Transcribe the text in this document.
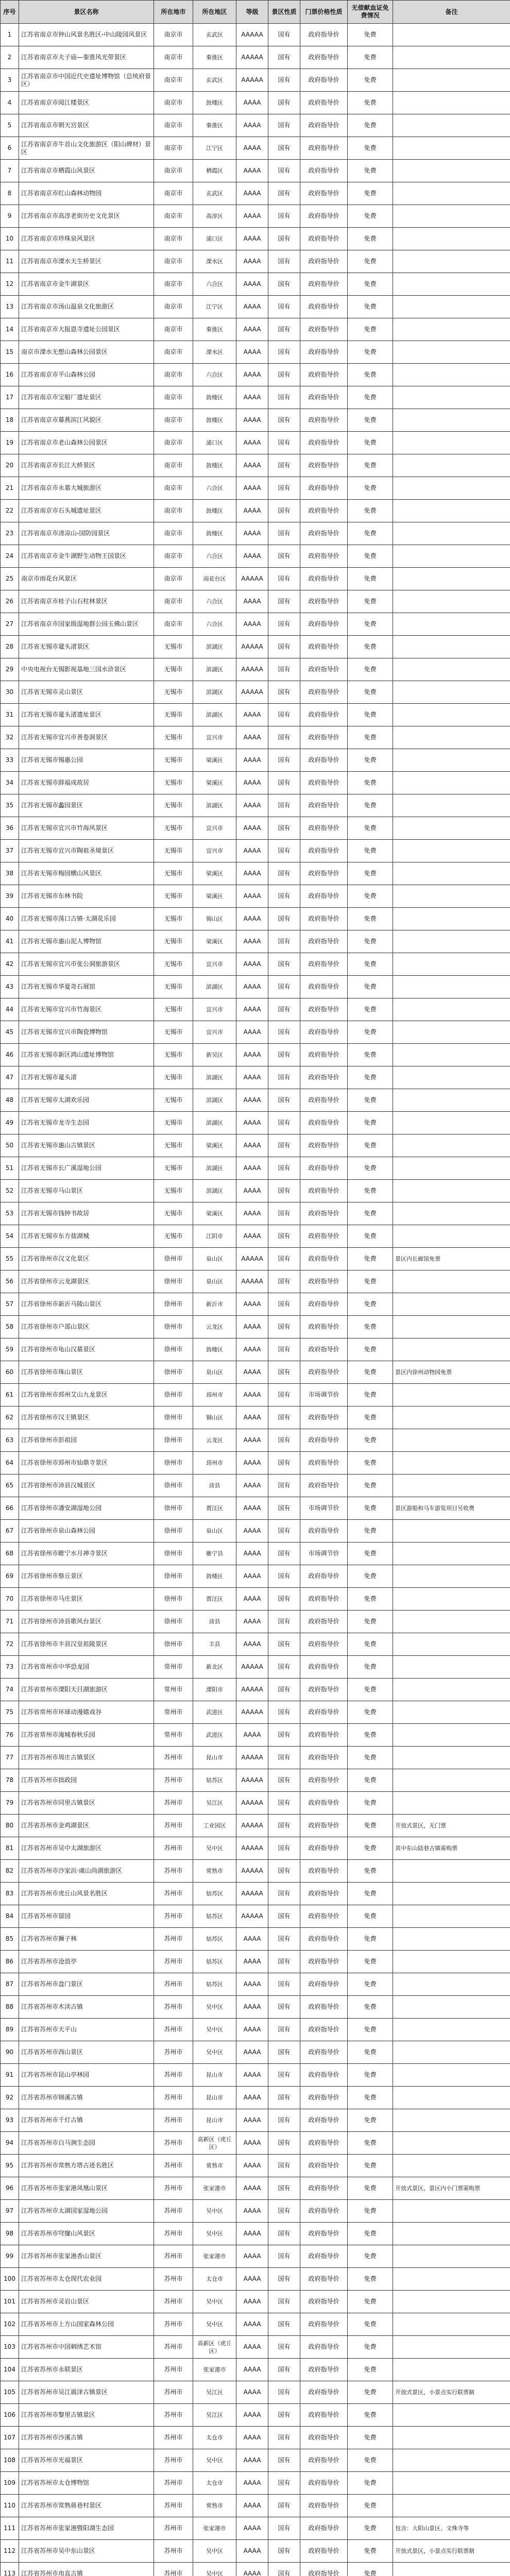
序号	景区名称	所在地市	所在地区	等级	景区性质	门票价格性质	无偿献血证免费情况	备注
1	江苏省南京市钟山风景名胜区-中山陵园风景区	南京市	玄武区	AAAAA	国有	政府指导价	免费	
2	江苏省南京市夫子庙—秦淮风光带景区	南京市	秦淮区	AAAAA	国有	政府指导价	免费	
3	江苏省南京市中国近代史遗址博物馆（总统府景区）	南京市	玄武区	AAAAA	国有	政府指导价	免费	
4	江苏省南京市阅江楼景区	南京市	鼓楼区	AAAA	国有	政府指导价	免费	
5	江苏省南京市朝天宫景区	南京市	秦淮区	AAAA	国有	政府指导价	免费	
6	江苏省南京市牛首山文化旅游区（阳山碑材）景区	南京市	江宁区	AAAA	国有	政府指导价	免费	
7	江苏省南京市栖霞山风景区	南京市	栖霞区	AAAA	国有	政府指导价	免费	
8	江苏省南京市红山森林动物园	南京市	玄武区	AAAA	国有	政府指导价	免费	
9	江苏省南京市高淳老街历史文化景区	南京市	高淳区	AAAA	国有	政府指导价	免费	
10	江苏省南京市珍珠泉风景区	南京市	浦口区	AAAA	国有	政府指导价	免费	
11	江苏省南京市溧水天生桥景区	南京市	溧水区	AAAA	国有	政府指导价	免费	
12	江苏省南京市金牛湖景区	南京市	六合区	AAAA	国有	政府指导价	免费	
13	江苏省南京市汤山温泉文化旅游区	南京市	江宁区	AAAA	国有	政府指导价	免费	
14	江苏省南京市大报恩寺遗址公园景区	南京市	秦淮区	AAAA	国有	政府指导价	免费	
15	南京市溧水无想山森林公园景区	南京市	溧水区	AAAA	国有	政府指导价	免费	
16	江苏省南京市平山森林公园	南京市	六合区	AAAA	国有	政府指导价	免费	
17	江苏省南京市宝船厂遗址景区	南京市	鼓楼区	AAAA	国有	政府指导价	免费	
18	江苏省南京市幕燕滨江风貌区	南京市	鼓楼区	AAAA	国有	政府指导价	免费	
19	江苏省南京市老山森林公园景区	南京市	浦口区	AAAA	国有	政府指导价	免费	
20	江苏省南京市长江大桥景区	南京市	鼓楼区	AAAA	国有	政府指导价	免费	
21	江苏省南京市永慕大城旅游区	南京市	六合区	AAAA	国有	政府指导价	免费	
22	江苏省南京市石头城遗址景区	南京市	鼓楼区	AAAA	国有	政府指导价	免费	
23	江苏省南京市清凉山-国防园景区	南京市	鼓楼区	AAAA	国有	政府指导价	免费	
24	江苏省南京市金牛湖野生动物王国景区	南京市	六合区	AAAA	国有	政府指导价	免费	
25	南京市雨花台风景区	南京市	雨花台区	AAAAA	国有	政府指导价	免费	
26	江苏省南京市桂子山石柱林景区	南京市	六合区	AAAA	国有	政府指导价	免费	
27	江苏省南京市国家级湿地群公园玉佛山景区	南京市	六合区	AAAA	国有	政府指导价	免费	
28	江苏省无锡市鼋头渚景区	无锡市	滨湖区	AAAAA	国有	政府指导价	免费	
29	中央电视台无锡影视基地三国水浒景区	无锡市	滨湖区	AAAAA	国有	政府指导价	免费	
30	江苏省无锡市灵山景区	无锡市	滨湖区	AAAAA	国有	政府指导价	免费	
31	江苏省无锡市鼋头渚遗址景区	无锡市	滨湖区	AAAA	国有	政府指导价	免费	
32	江苏省无锡市宜兴市善卷洞景区	无锡市	宜兴市	AAAA	国有	政府指导价	免费	
33	江苏省无锡市锡惠公园	无锡市	梁溪区	AAAA	国有	政府指导价	免费	
34	江苏省无锡市薛福成故居	无锡市	梁溪区	AAAA	国有	政府指导价	免费	
35	江苏省无锡市蠡园景区	无锡市	滨湖区	AAAA	国有	政府指导价	免费	
36	江苏省无锡市宜兴市竹海风景区	无锡市	宜兴市	AAAA	国有	政府指导价	免费	
37	江苏省无锡市宜兴市陶祖圣境景区	无锡市	宜兴市	AAAA	国有	政府指导价	免费	
38	江苏省无锡市梅园横山风景区	无锡市	梁溪区	AAAA	国有	政府指导价	免费	
39	江苏省无锡市东林书院	无锡市	梁溪区	AAAA	国有	政府指导价	免费	
40	江苏省无锡市荡口古镇·太湖花乐园	无锡市	锡山区	AAAA	国有	政府指导价	免费	
41	江苏省无锡市惠山泥人博物馆	无锡市	梁溪区	AAAA	国有	政府指导价	免费	
42	江苏省无锡市宜兴市张公洞旅游景区	无锡市	宜兴市	AAAA	国有	政府指导价	免费	
43	江苏省无锡市华夏奇石展馆	无锡市	滨湖区	AAAA	国有	政府指导价	免费	
44	江苏省无锡市宜兴市竹海景区	无锡市	宜兴市	AAAA	国有	政府指导价	免费	
45	江苏省无锡市宜兴市陶瓷博物馆	无锡市	宜兴市	AAAA	国有	政府指导价	免费	
46	江苏省无锡市新区鸿山遗址博物馆	无锡市	新吴区	AAAA	国有	政府指导价	免费	
47	江苏省无锡市鼋头渚	无锡市	滨湖区	AAAA	国有	政府指导价	免费	
48	江苏省无锡市太湖欢乐园	无锡市	滨湖区	AAAA	国有	政府指导价	免费	
49	江苏省无锡市龙寺生态园	无锡市	滨湖区	AAAA	国有	政府指导价	免费	
50	江苏省无锡市惠山古镇景区	无锡市	梁溪区	AAAA	国有	政府指导价	免费	
51	江苏省无锡市长广溪湿地公园	无锡市	滨湖区	AAAA	国有	政府指导价	免费	
52	江苏省无锡市马山景区	无锡市	滨湖区	AAAA	国有	政府指导价	免费	
53	江苏省无锡市钱钟书故居	无锡市	梁溪区	AAAA	国有	政府指导价	免费	
54	江苏省无锡市东方盐湖城	无锡市	江阴市	AAAA	国有	政府指导价	免费	
55	江苏省徐州市汉文化景区	徐州市	泉山区	AAAAA	国有	政府指导价	免费	景区内长廊馆免票
56	江苏省徐州市云龙湖景区	徐州市	泉山区	AAAAA	国有	政府指导价	免费	
57	江苏省徐州市新沂马陵山景区	徐州市	新沂市	AAAA	国有	政府指导价	免费	
58	江苏省徐州市户部山景区	徐州市	云龙区	AAAA	国有	政府指导价	免费	
59	江苏省徐州市龟山汉墓景区	徐州市	鼓楼区	AAAA	国有	政府指导价	免费	
60	江苏省徐州市珠山景区	徐州市	泉山区	AAAA	国有	政府指导价	免费	景区内徐州动物园免票
61	江苏省徐州市邳州艾山九龙景区	徐州市	邳州市	AAAA	国有	市场调节价	免费	
62	江苏省徐州市汉王镇景区	徐州市	铜山区	AAAA	国有	政府指导价	免费	
63	江苏省徐州市彭祖园	徐州市	云龙区	AAAA	国有	政府指导价	免费	
64	江苏省徐州市邳州市仙鼎寺景区	徐州市	邳州市	AAAA	国有	政府指导价	免费	
65	江苏省徐州市沛县汉城景区	徐州市	沛县	AAAA	国有	政府指导价	免费	
66	江苏省徐州市潘安湖湿地公园	徐州市	贾汪区	AAAA	国有	市场调节价	免费	景区游船和马车游览项目另收费
67	江苏省徐州市泉山森林公园	徐州市	泉山区	AAAA	国有	政府指导价	免费	
68	江苏省徐州市睢宁水月禅寺景区	徐州市	睢宁县	AAAA	国有	市场调节价	免费	
69	江苏省徐州市蔡丘景区	徐州市	鼓楼区	AAAA	国有	政府指导价	免费	
70	江苏省徐州市马庄景区	徐州市	贾汪区	AAAA	国有	政府指导价	免费	
71	江苏省徐州市沛县歌风台景区	徐州市	沛县	AAAA	国有	政府指导价	免费	
72	江苏省徐州市丰县汉皇祖陵景区	徐州市	丰县	AAAA	国有	政府指导价	免费	
73	江苏省常州市中华恐龙园	常州市	新北区	AAAAA	国有	政府指导价	免费	
74	江苏省常州市溧阳天目湖旅游区	常州市	溧阳市	AAAAA	国有	政府指导价	免费	
75	江苏省常州市环球动漫嬉戏谷	常州市	武进区	AAAAA	国有	政府指导价	免费	
76	江苏省常州市淹城春秋乐园	常州市	武进区	AAAA	国有	政府指导价	免费	
77	江苏省苏州市周庄古镇景区	苏州市	昆山市	AAAAA	国有	政府指导价	免费	
78	江苏省苏州市拙政园	苏州市	姑苏区	AAAAA	国有	政府指导价	免费	
79	江苏省苏州市同里古镇景区	苏州市	吴江区	AAAAA	国有	政府指导价	免费	
80	江苏省苏州市金鸡湖景区	苏州市	工业园区	AAAAA	国有	政府指导价	免费	开放式景区，无门票
81	江苏省苏州市吴中太湖旅游区	苏州市	吴中区	AAAAA	国有	政府指导价	免费	其中东山陆巷古镇需购票
82	江苏省苏州市沙家浜·虞山尚湖旅游区	苏州市	常熟市	AAAAA	国有	政府指导价	免费	
83	江苏省苏州市虎丘山风景名胜区	苏州市	姑苏区	AAAAA	国有	政府指导价	免费	
84	江苏省苏州市留园	苏州市	姑苏区	AAAAA	国有	政府指导价	免费	
85	江苏省苏州市狮子林	苏州市	姑苏区	AAAA	国有	政府指导价	免费	
86	江苏省苏州市沧浪亭	苏州市	姑苏区	AAAA	国有	政府指导价	免费	
87	江苏省苏州市盘门景区	苏州市	姑苏区	AAAA	国有	政府指导价	免费	
88	江苏省苏州市木渎古镇	苏州市	吴中区	AAAA	国有	政府指导价	免费	
89	江苏省苏州市天平山	苏州市	吴中区	AAAA	国有	政府指导价	免费	
90	江苏省苏州市西山景区	苏州市	吴中区	AAAA	国有	政府指导价	免费	
91	江苏省苏州市昆山亭林园	苏州市	昆山市	AAAA	国有	政府指导价	免费	
92	江苏省苏州市锦溪古镇	苏州市	昆山市	AAAA	国有	政府指导价	免费	
93	江苏省苏州市千灯古镇	苏州市	昆山市	AAAA	国有	政府指导价	免费	
94	江苏省苏州市白马涧生态园	苏州市	高新区（虎丘区）	AAAA	国有	政府指导价	免费	
95	江苏省苏州市常熟方塔古迹名胜区	苏州市	常熟市	AAAA	国有	政府指导价	免费	
96	江苏省苏州市张家港凤凰山景区	苏州市	张家港市	AAAA	国有	政府指导价	免费	开放式景区，景区内小门票需购票
97	江苏省苏州市太湖国家湿地公园	苏州市	吴中区	AAAA	国有	政府指导价	免费	
98	江苏省苏州市穹窿山风景区	苏州市	吴中区	AAAA	国有	政府指导价	免费	
99	江苏省苏州市张家港香山景区	苏州市	张家港市	AAAA	国有	政府指导价	免费	
100	江苏省苏州市太仓现代农业园	苏州市	太仓市	AAAA	国有	政府指导价	免费	
101	江苏省苏州市灵岩山景区	苏州市	吴中区	AAAA	国有	政府指导价	免费	
102	江苏省苏州市上方山国家森林公园	苏州市	吴中区	AAAA	国有	政府指导价	免费	
103	江苏省苏州市中国刺绣艺术馆	苏州市	高新区（虎丘区）	AAAA	国有	政府指导价	免费	
104	江苏省苏州市永联景区	苏州市	张家港市	AAAA	国有	政府指导价	免费	
105	江苏省苏州市吴江震泽古镇景区	苏州市	吴江区	AAAA	国有	政府指导价	免费	开放式景区，小景点实行联票制
106	江苏省苏州市黎里古镇景区	苏州市	吴江区	AAAA	国有	政府指导价	免费	
107	江苏省苏州市沙溪古镇	苏州市	太仓市	AAAA	国有	政府指导价	免费	
108	江苏省苏州市光福景区	苏州市	吴中区	AAAA	国有	政府指导价	免费	
109	江苏省苏州市太仓博物馆	苏州市	太仓市	AAAA	国有	政府指导价	免费	
110	江苏省苏州市常熟蒋巷村景区	苏州市	常熟市	AAAA	国有	政府指导价	免费	
111	江苏省苏州市张家港暨阳湖生态园	苏州市	张家港市	AAAA	国有	政府指导价	免费	包含：大阳山景区、文殊寺等
112	江苏省苏州市吴中东山景区	苏州市	吴中区	AAAA	国有	政府指导价	免费	开放式景区，小景点实行联票制
113	江苏省苏州市甪直古镇	苏州市	吴中区	AAAA	国有	政府指导价	免费	
